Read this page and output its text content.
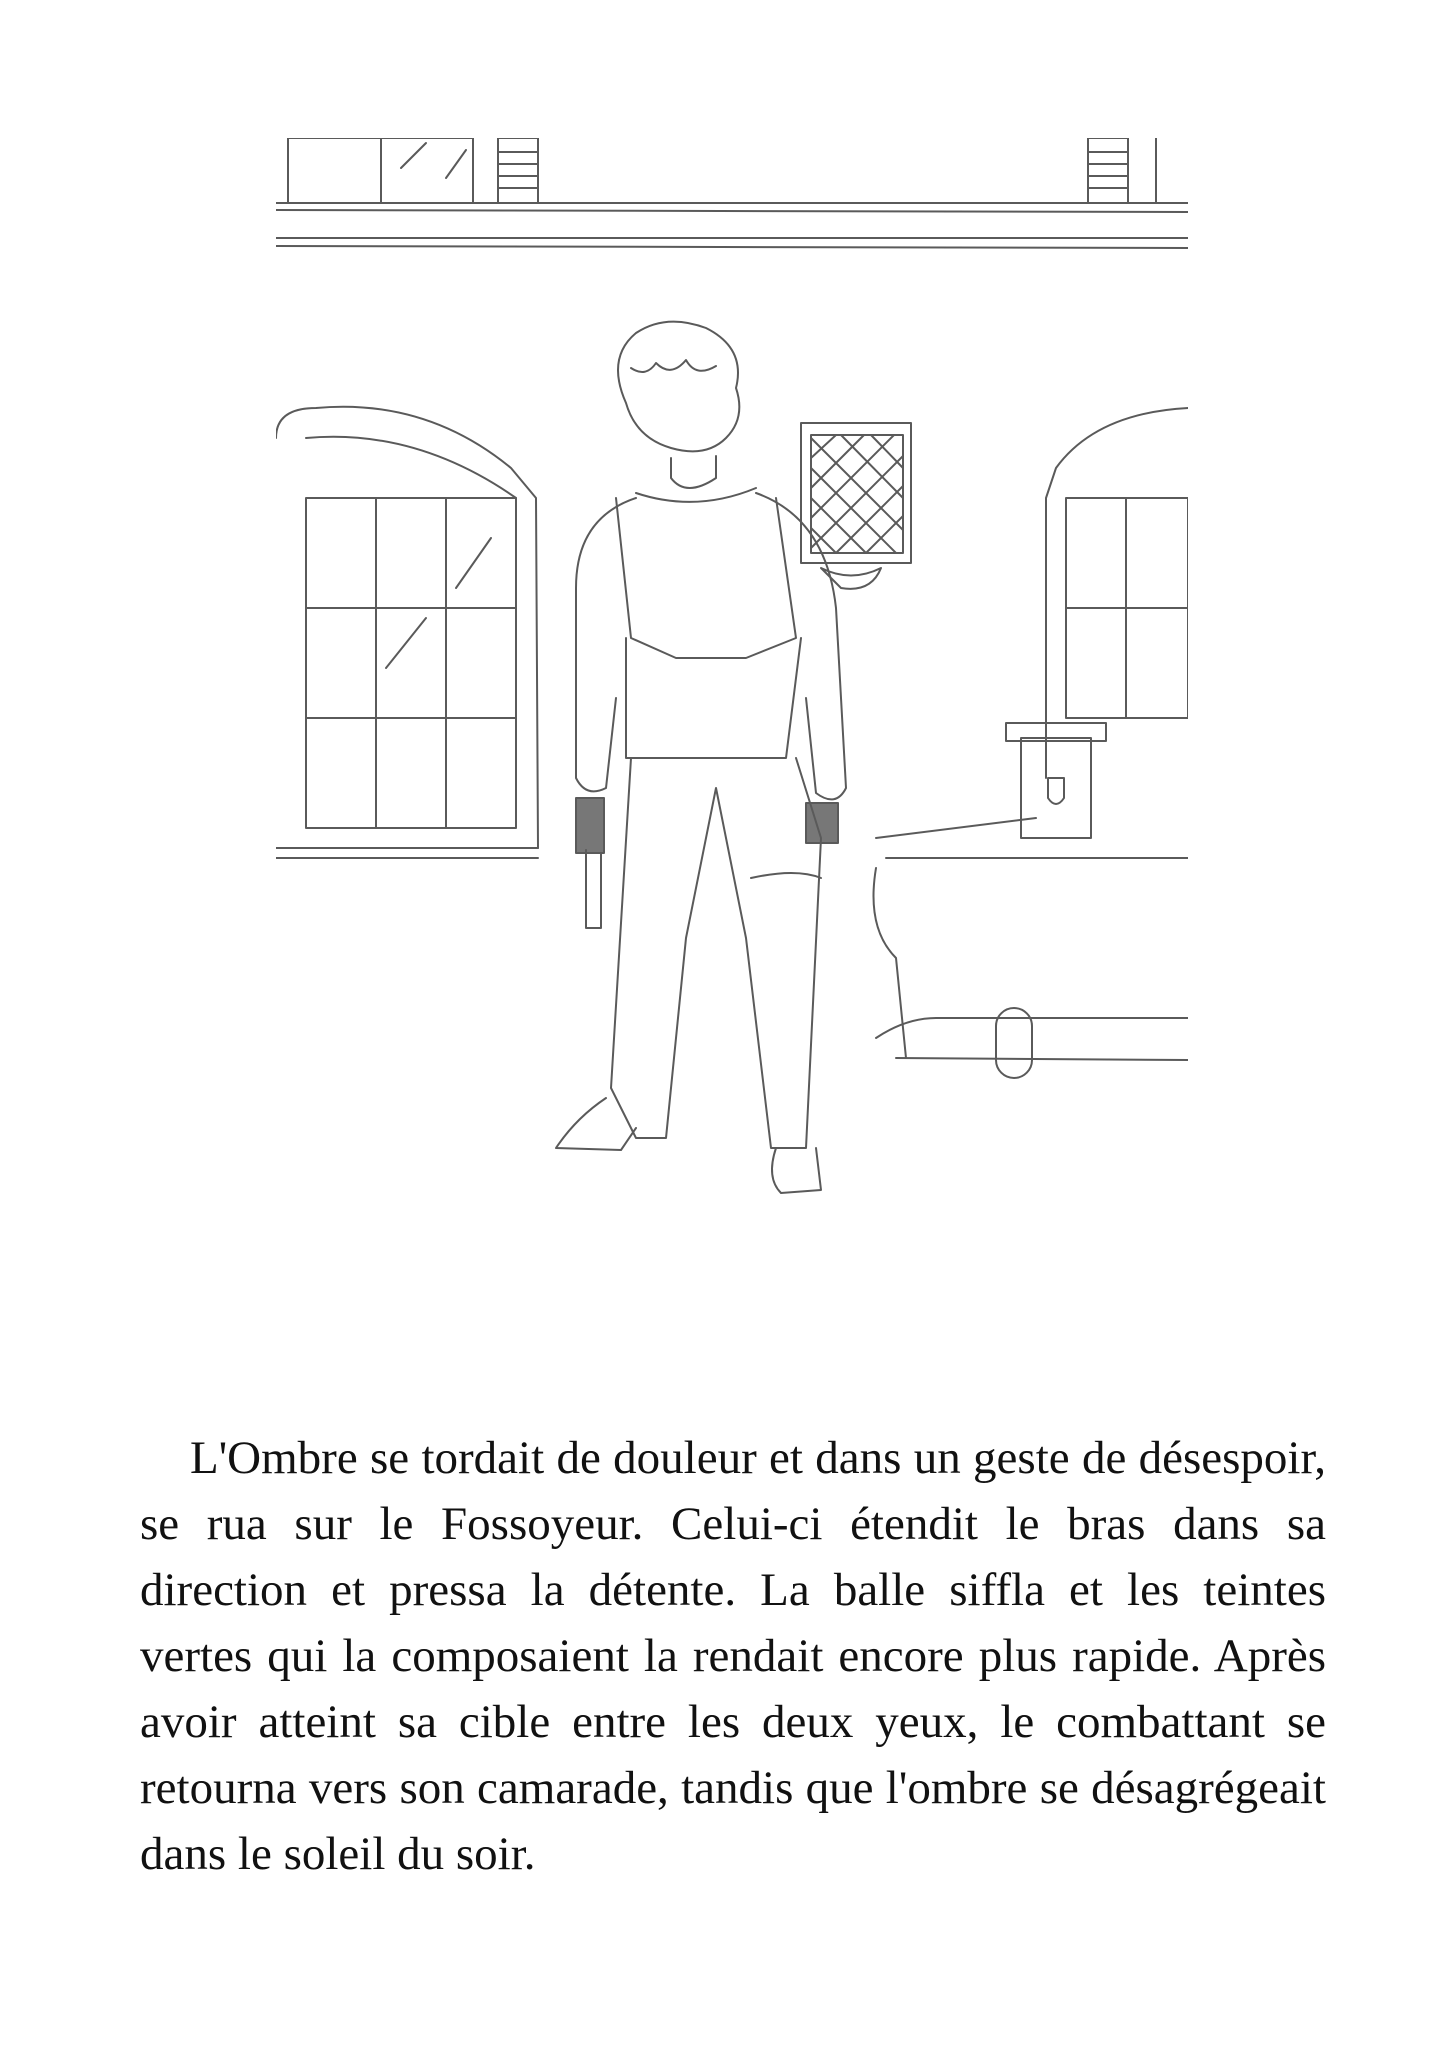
L'Ombre se tordait de douleur et dans un geste de désespoir, se rua sur le Fossoyeur. Celui-ci étendit le bras dans sa direction et pressa la détente. La balle siffla et les teintes vertes qui la composaient la rendait encore plus rapide. Après avoir atteint sa cible entre les deux yeux, le combattant se retourna vers son camarade, tandis que l'ombre se désagrégeait dans le soleil du soir.
